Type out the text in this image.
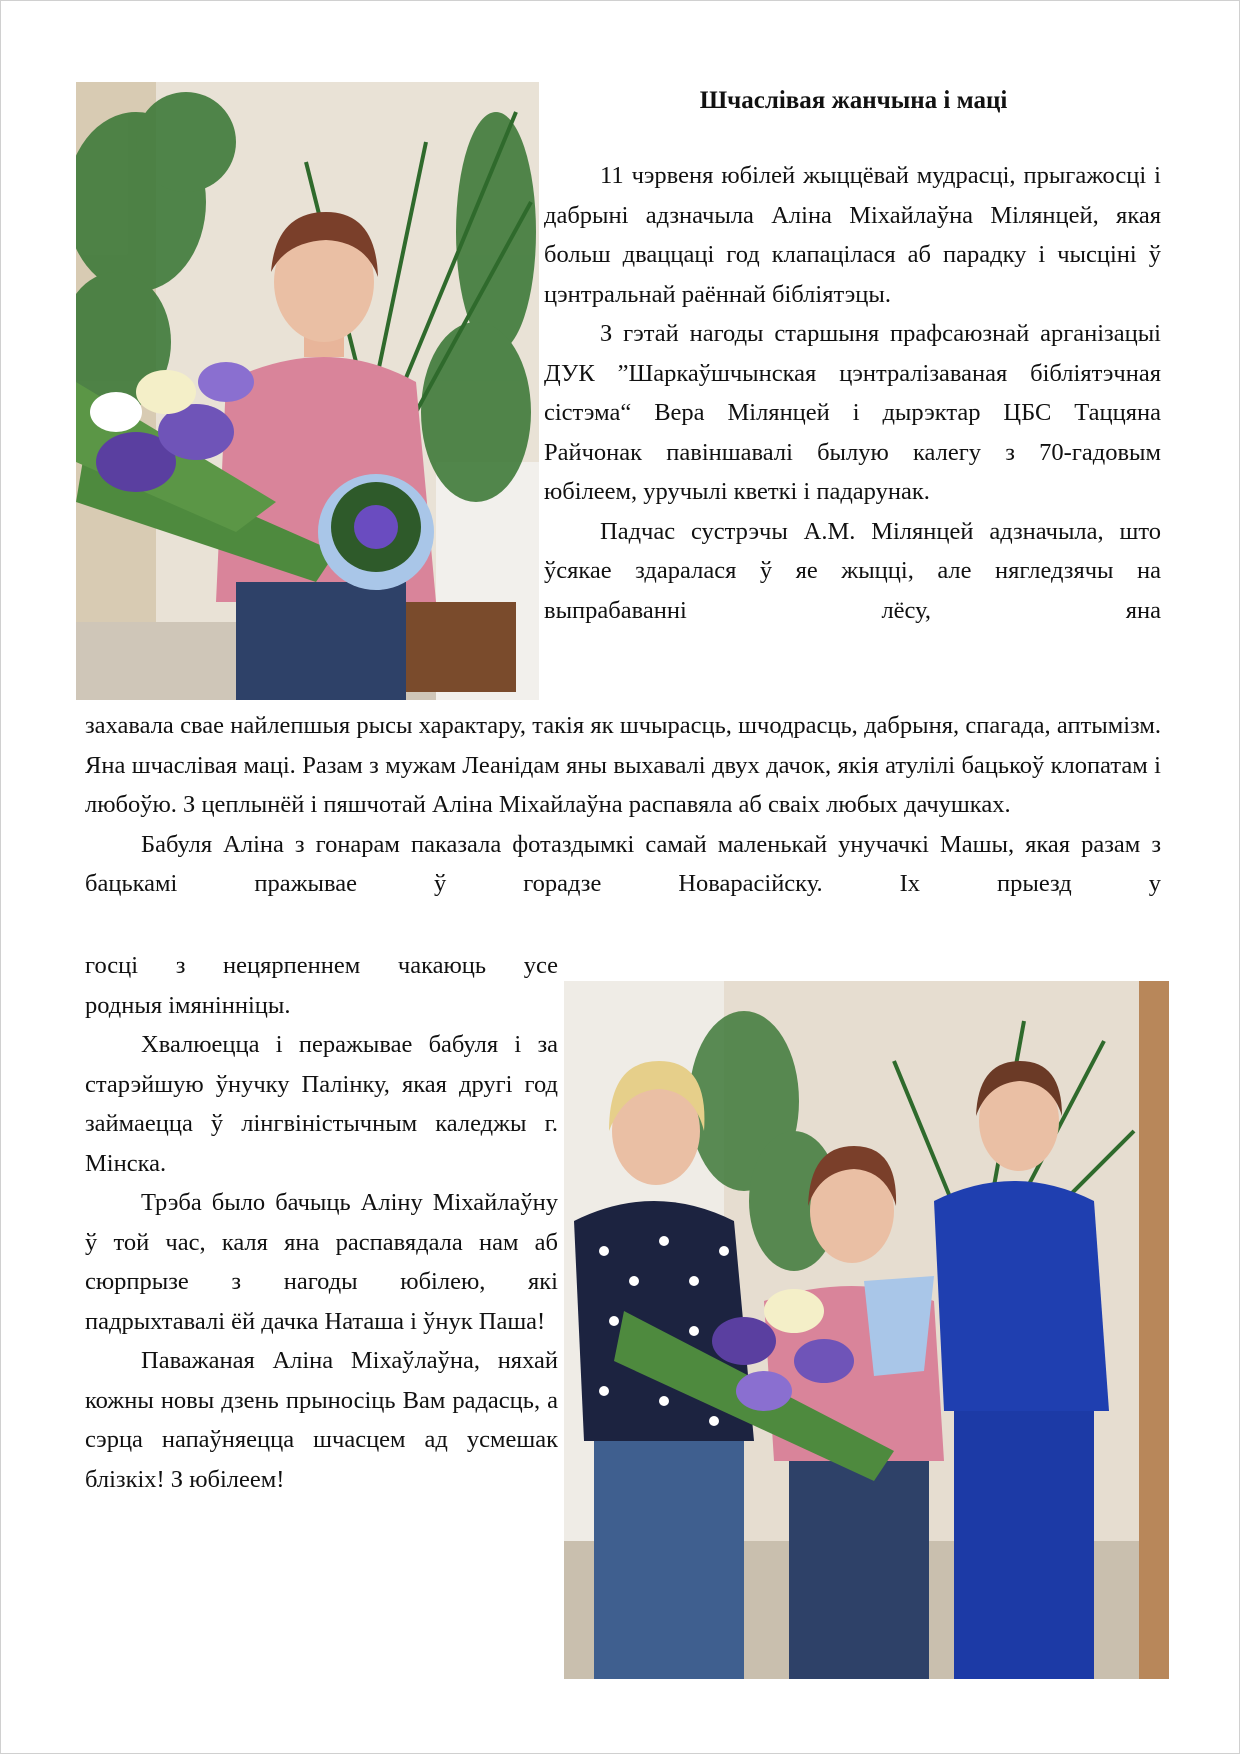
Шчаслівая жанчына і маці

11 чэрвеня юбілей жыццёвай мудрасці, прыгажосці і дабрыні адзначыла Аліна Міхайлаўна Мілянцей, якая больш дваццаці год клапацілася аб парадку і чысціні ў цэнтральнай раённай бібліятэцы.

З гэтай нагоды старшыня прафсаюзнай арганізацыі ДУК ”Шаркаўшчынская цэнтралізаваная бібліятэчная сістэма“ Вера Мілянцей і дырэктар ЦБС Таццяна Райчонак павіншавалі былую калегу з 70-гадовым юбілеем, уручылі кветкі і падарунак.

Падчас сустрэчы А.М. Мілянцей адзначыла, што ўсякае здаралася ў яе жыцці, але нягледзячы на выпрабаванні лёсу, яна

захавала свае найлепшыя рысы характару, такія як шчырасць, шчодрасць, дабрыня, спагада, аптымізм. Яна шчаслівая маці. Разам з мужам Леанідам яны выхавалі двух дачок, якія атулілі бацькоў клопатам і любоўю. З цеплынёй і пяшчотай Аліна Міхайлаўна распавяла аб сваіх любых дачушках.

Бабуля Аліна з гонарам паказала фотаздымкі самай маленькай унучачкі Машы, якая разам з бацькамі пражывае ў горадзе Новарасійску. Іх прыезд у

госці з нецярпеннем чакаюць усе

родныя імяніннiцы.

Хвалюецца і перажывае бабуля і за старэйшую ўнучку Палінку, якая другі год займаецца ў лінгвіністычным каледжы г. Мінска.

Трэба было бачыць Аліну Міхайлаўну ў той час, каля яна распавядала нам аб сюрпрызе з нагоды юбілею, які падрыхтавалі ёй дачка Наташа і ўнук Паша!

Паважаная Аліна Міхаўлаўна, няхай кожны новы дзень прыносіць Вам радасць, а сэрца напаўняецца шчасцем ад усмешак блізкіх! З юбілеем!
